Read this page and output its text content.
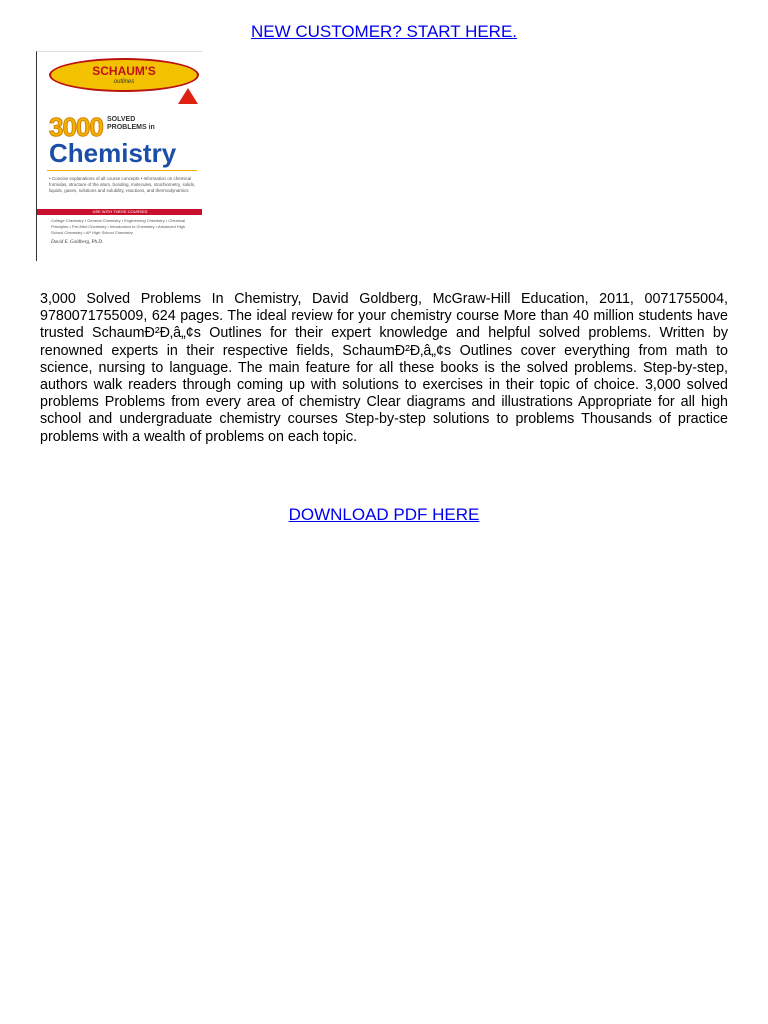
NEW CUSTOMER? START HERE.
SCHAUM'S
outlines
3000 SOLVED
PROBLEMS in
Chemistry
• Concise explanations of all course concepts • Information on chemical formulas, structure of the atom, bonding, molecules, stoichiometry, solids, liquids, gases, solutions and solubility, reactions, and thermodynamics
USE WITH THESE COURSES
College Chemistry • General Chemistry • Engineering Chemistry • Chemical Principles • Pre-Med Chemistry • Introduction to Chemistry • Advanced High School Chemistry • AP High School Chemistry
David E. Goldberg, Ph.D.

3,000 Solved Problems In Chemistry, David Goldberg, McGraw-Hill Education, 2011, 0071755004, 9780071755009, 624 pages. The ideal review for your chemistry course More than 40 million students have trusted SchaumÐ²Ð‚â„¢s Outlines for their expert knowledge and helpful solved problems. Written by renowned experts in their respective fields, SchaumÐ²Ð‚â„¢s Outlines cover everything from math to science, nursing to language. The main feature for all these books is the solved problems. Step-by-step, authors walk readers through coming up with solutions to exercises in their topic of choice. 3,000 solved problems Problems from every area of chemistry Clear diagrams and illustrations Appropriate for all high school and undergraduate chemistry courses Step-by-step solutions to problems Thousands of practice problems with a wealth of problems on each topic.

DOWNLOAD PDF HERE
